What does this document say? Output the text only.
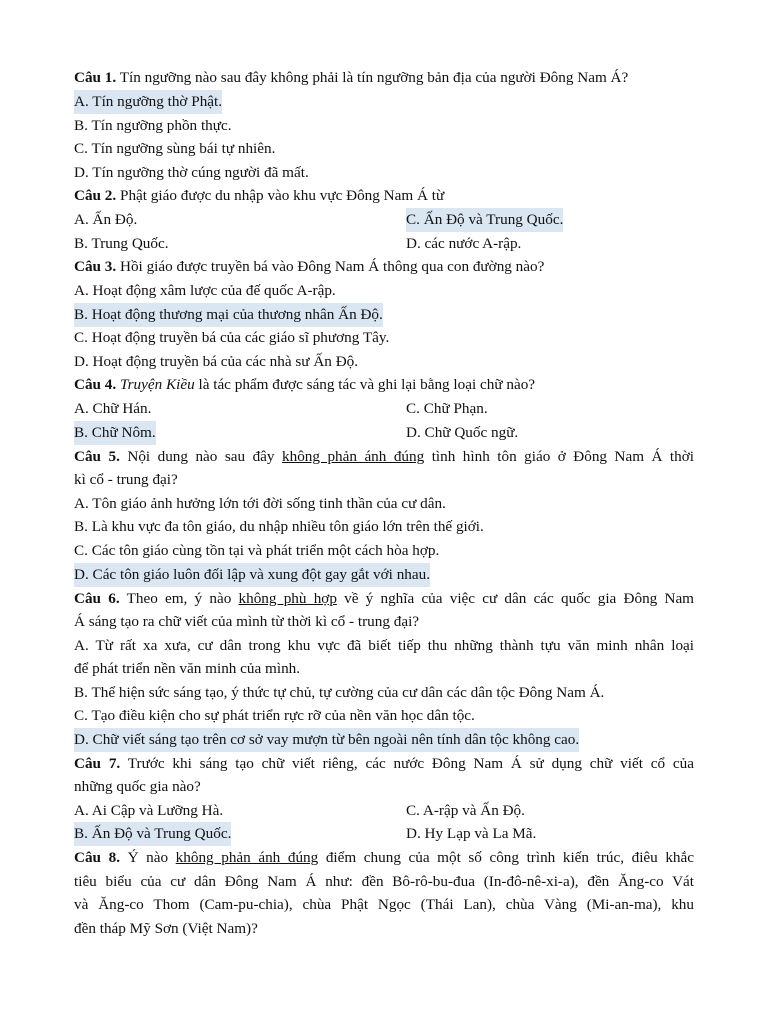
Câu 1. Tín ngưỡng nào sau đây không phải là tín ngưỡng bản địa của người Đông Nam Á?
A. Tín ngưỡng thờ Phật.
B. Tín ngưỡng phồn thực.
C. Tín ngưỡng sùng bái tự nhiên.
D. Tín ngưỡng thờ cúng người đã mất.
Câu 2. Phật giáo được du nhập vào khu vực Đông Nam Á từ
A. Ấn Độ.	C. Ấn Độ và Trung Quốc.
B. Trung Quốc.	D. các nước A-rập.
Câu 3. Hồi giáo được truyền bá vào Đông Nam Á thông qua con đường nào?
A. Hoạt động xâm lược của đế quốc A-rập.
B. Hoạt động thương mại của thương nhân Ấn Độ.
C. Hoạt động truyền bá của các giáo sĩ phương Tây.
D. Hoạt động truyền bá của các nhà sư Ấn Độ.
Câu 4. Truyện Kiều là tác phẩm được sáng tác và ghi lại bằng loại chữ nào?
A. Chữ Hán.	C. Chữ Phạn.
B. Chữ Nôm.	D. Chữ Quốc ngữ.
Câu 5. Nội dung nào sau đây không phản ánh đúng tình hình tôn giáo ở Đông Nam Á thời
kì cổ - trung đại?
A. Tôn giáo ảnh hưởng lớn tới đời sống tinh thần của cư dân.
B. Là khu vực đa tôn giáo, du nhập nhiều tôn giáo lớn trên thế giới.
C. Các tôn giáo cùng tồn tại và phát triển một cách hòa hợp.
D. Các tôn giáo luôn đối lập và xung đột gay gắt với nhau.
Câu 6. Theo em, ý nào không phù hợp về ý nghĩa của việc cư dân các quốc gia Đông Nam
Á sáng tạo ra chữ viết của mình từ thời kì cổ - trung đại?
A. Từ rất xa xưa, cư dân trong khu vực đã biết tiếp thu những thành tựu văn minh nhân loại
để phát triển nền văn minh của mình.
B. Thể hiện sức sáng tạo, ý thức tự chủ, tự cường của cư dân các dân tộc Đông Nam Á.
C. Tạo điều kiện cho sự phát triển rực rỡ của nền văn học dân tộc.
D. Chữ viết sáng tạo trên cơ sở vay mượn từ bên ngoài nên tính dân tộc không cao.
Câu 7. Trước khi sáng tạo chữ viết riêng, các nước Đông Nam Á sử dụng chữ viết cổ của
những quốc gia nào?
A. Ai Cập và Lưỡng Hà.	C. A-rập và Ấn Độ.
B. Ấn Độ và Trung Quốc.	D. Hy Lạp và La Mã.
Câu 8. Ý nào không phản ánh đúng điểm chung của một số công trình kiến trúc, điêu khắc
tiêu biểu của cư dân Đông Nam Á như: đền Bô-rô-bu-đua (In-đô-nê-xi-a), đền Ăng-co Vát
và Ăng-co Thom (Cam-pu-chia), chùa Phật Ngọc (Thái Lan), chùa Vàng (Mi-an-ma), khu
đền tháp Mỹ Sơn (Việt Nam)?
